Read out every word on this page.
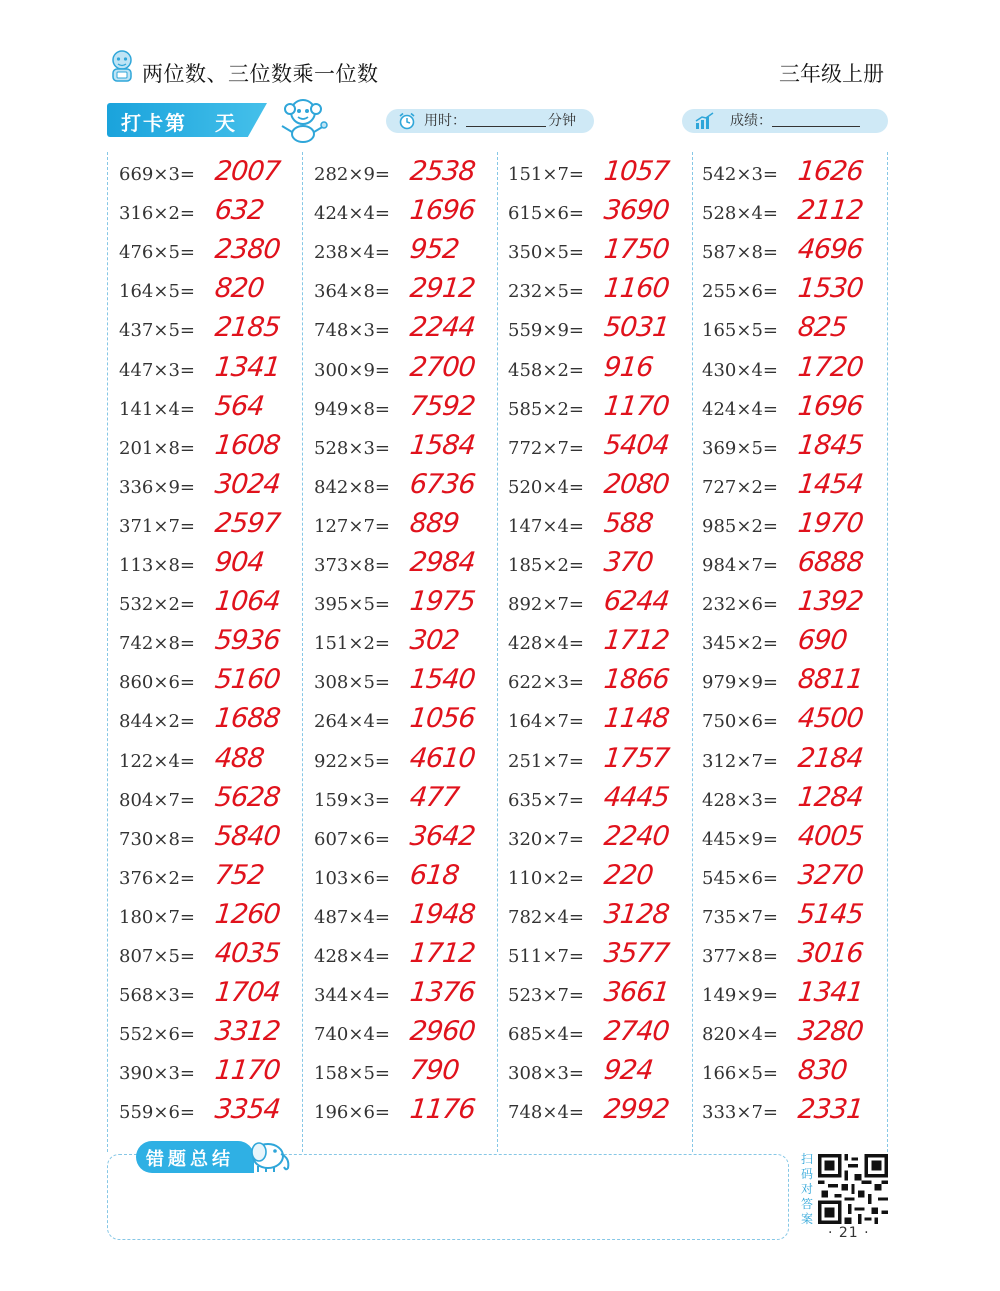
两位数、三位数乘一位数	三年级上册
打卡第 天	用时：	分钟	成绩：
669×3= 2007
316×2= 632
476×5= 2380
164×5= 820
437×5= 2185
447×3= 1341
141×4= 564
201×8= 1608
336×9= 3024
371×7= 2597
113×8= 904
532×2= 1064
742×8= 5936
860×6= 5160
844×2= 1688
122×4= 488
804×7= 5628
730×8= 5840
376×2= 752
180×7= 1260
807×5= 4035
568×3= 1704
552×6= 3312
390×3= 1170
559×6= 3354
282×9= 2538
424×4= 1696
238×4= 952
364×8= 2912
748×3= 2244
300×9= 2700
949×8= 7592
528×3= 1584
842×8= 6736
127×7= 889
373×8= 2984
395×5= 1975
151×2= 302
308×5= 1540
264×4= 1056
922×5= 4610
159×3= 477
607×6= 3642
103×6= 618
487×4= 1948
428×4= 1712
344×4= 1376
740×4= 2960
158×5= 790
196×6= 1176
151×7= 1057
615×6= 3690
350×5= 1750
232×5= 1160
559×9= 5031
458×2= 916
585×2= 1170
772×7= 5404
520×4= 2080
147×4= 588
185×2= 370
892×7= 6244
428×4= 1712
622×3= 1866
164×7= 1148
251×7= 1757
635×7= 4445
320×7= 2240
110×2= 220
782×4= 3128
511×7= 3577
523×7= 3661
685×4= 2740
308×3= 924
748×4= 2992
542×3= 1626
528×4= 2112
587×8= 4696
255×6= 1530
165×5= 825
430×4= 1720
424×4= 1696
369×5= 1845
727×2= 1454
985×2= 1970
984×7= 6888
232×6= 1392
345×2= 690
979×9= 8811
750×6= 4500
312×7= 2184
428×3= 1284
445×9= 4005
545×6= 3270
735×7= 5145
377×8= 3016
149×9= 1341
820×4= 3280
166×5= 830
333×7= 2331
错题总结	扫
码
对
答
案
· 21 ·
